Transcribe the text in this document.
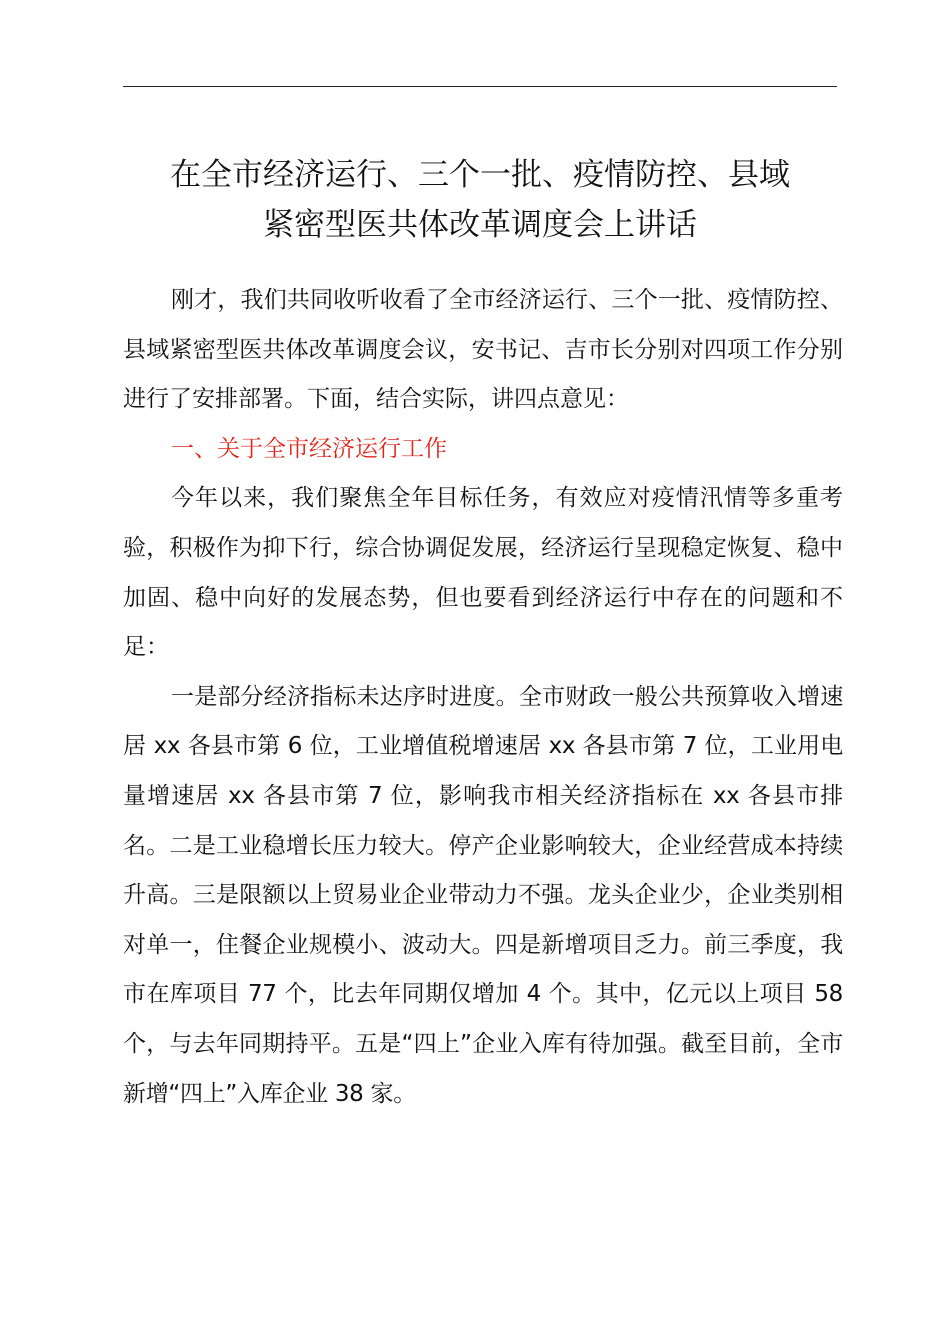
在全市经济运行、三个一批、疫情防控、县域
紧密型医共体改革调度会上讲话

刚才，我们共同收听收看了全市经济运行、三个一批、疫情防控、县域紧密型医共体改革调度会议，安书记、吉市长分别对四项工作分别进行了安排部署。下面，结合实际，讲四点意见：

一、关于全市经济运行工作

今年以来，我们聚焦全年目标任务，有效应对疫情汛情等多重考验，积极作为抑下行，综合协调促发展，经济运行呈现稳定恢复、稳中加固、稳中向好的发展态势，但也要看到经济运行中存在的问题和不足：

一是部分经济指标未达序时进度。全市财政一般公共预算收入增速居 xx 各县市第 6 位，工业增值税增速居 xx 各县市第 7 位，工业用电量增速居 xx 各县市第 7 位，影响我市相关经济指标在 xx 各县市排名。二是工业稳增长压力较大。停产企业影响较大，企业经营成本持续升高。三是限额以上贸易业企业带动力不强。龙头企业少，企业类别相对单一，住餐企业规模小、波动大。四是新增项目乏力。前三季度，我市在库项目 77 个，比去年同期仅增加 4 个。其中，亿元以上项目 58 个，与去年同期持平。五是“四上”企业入库有待加强。截至目前，全市新增“四上”入库企业 38 家。
